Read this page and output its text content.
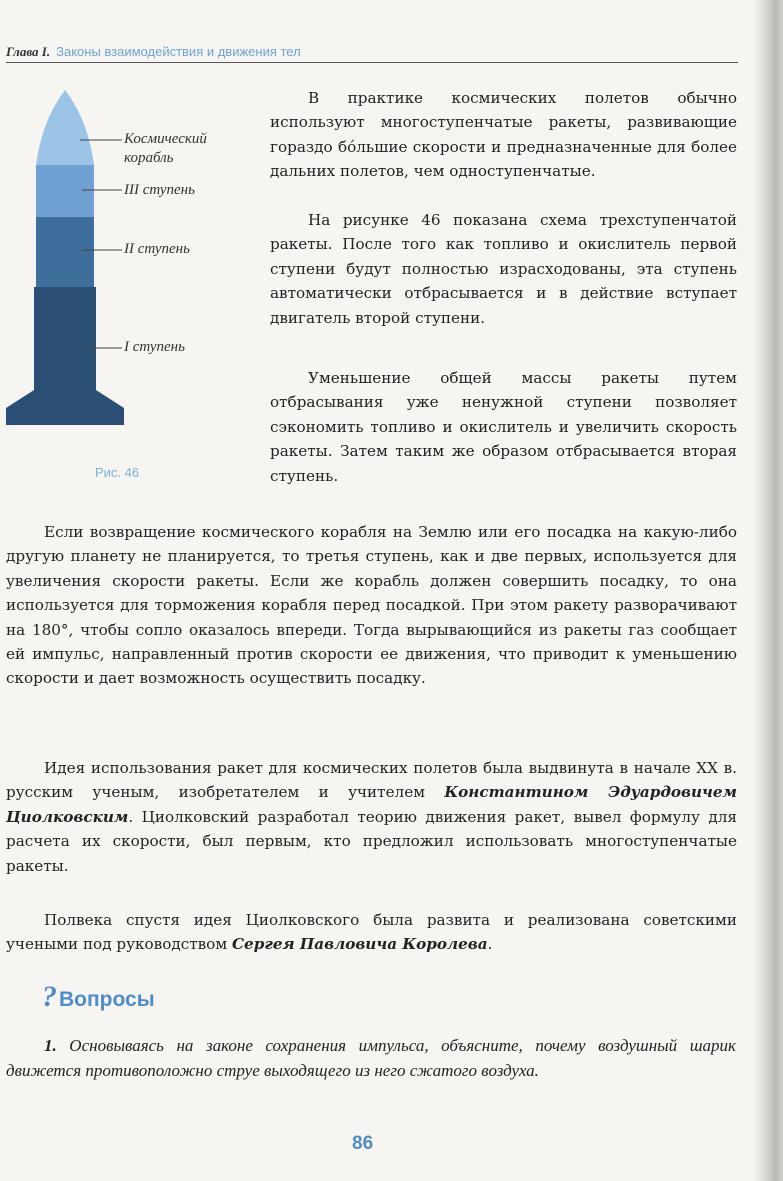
Глава I. Законы взаимодействия и движения тел
Космический
корабль
III ступень
II ступень
I ступень
Рис. 46

В практике космических полетов обычно используют многоступенчатые ракеты, развивающие гораздо бóльшие скорости и предназначенные для более дальних полетов, чем одноступенчатые.

На рисунке 46 показана схема трехступенчатой ракеты. После того как топливо и окислитель первой ступени будут полностью израсходованы, эта ступень автоматически отбрасывается и в действие вступает двигатель второй ступени.

Уменьшение общей массы ракеты путем отбрасывания уже ненужной ступени позволяет сэкономить топливо и окислитель и увеличить скорость ракеты. Затем таким же образом отбрасывается вторая ступень.

Если возвращение космического корабля на Землю или его посадка на какую-либо другую планету не планируется, то третья ступень, как и две первых, используется для увеличения скорости ракеты. Если же корабль должен совершить посадку, то она используется для торможения корабля перед посадкой. При этом ракету разворачивают на 180°, чтобы сопло оказалось впереди. Тогда вырывающийся из ракеты газ сообщает ей импульс, направленный против скорости ее движения, что приводит к уменьшению скорости и дает возможность осуществить посадку.

Идея использования ракет для космических полетов была выдвинута в начале XX в. русским ученым, изобретателем и учителем Константином Эдуардовичем Циолковским. Циолковский разработал теорию движения ракет, вывел формулу для расчета их скорости, был первым, кто предложил использовать многоступенчатые ракеты.

Полвека спустя идея Циолковского была развита и реализована советскими учеными под руководством Сергея Павловича Королева.

?Вопросы

1. Основываясь на законе сохранения импульса, объясните, почему воздушный шарик движется противоположно струе выходящего из него сжатого воздуха.

86
